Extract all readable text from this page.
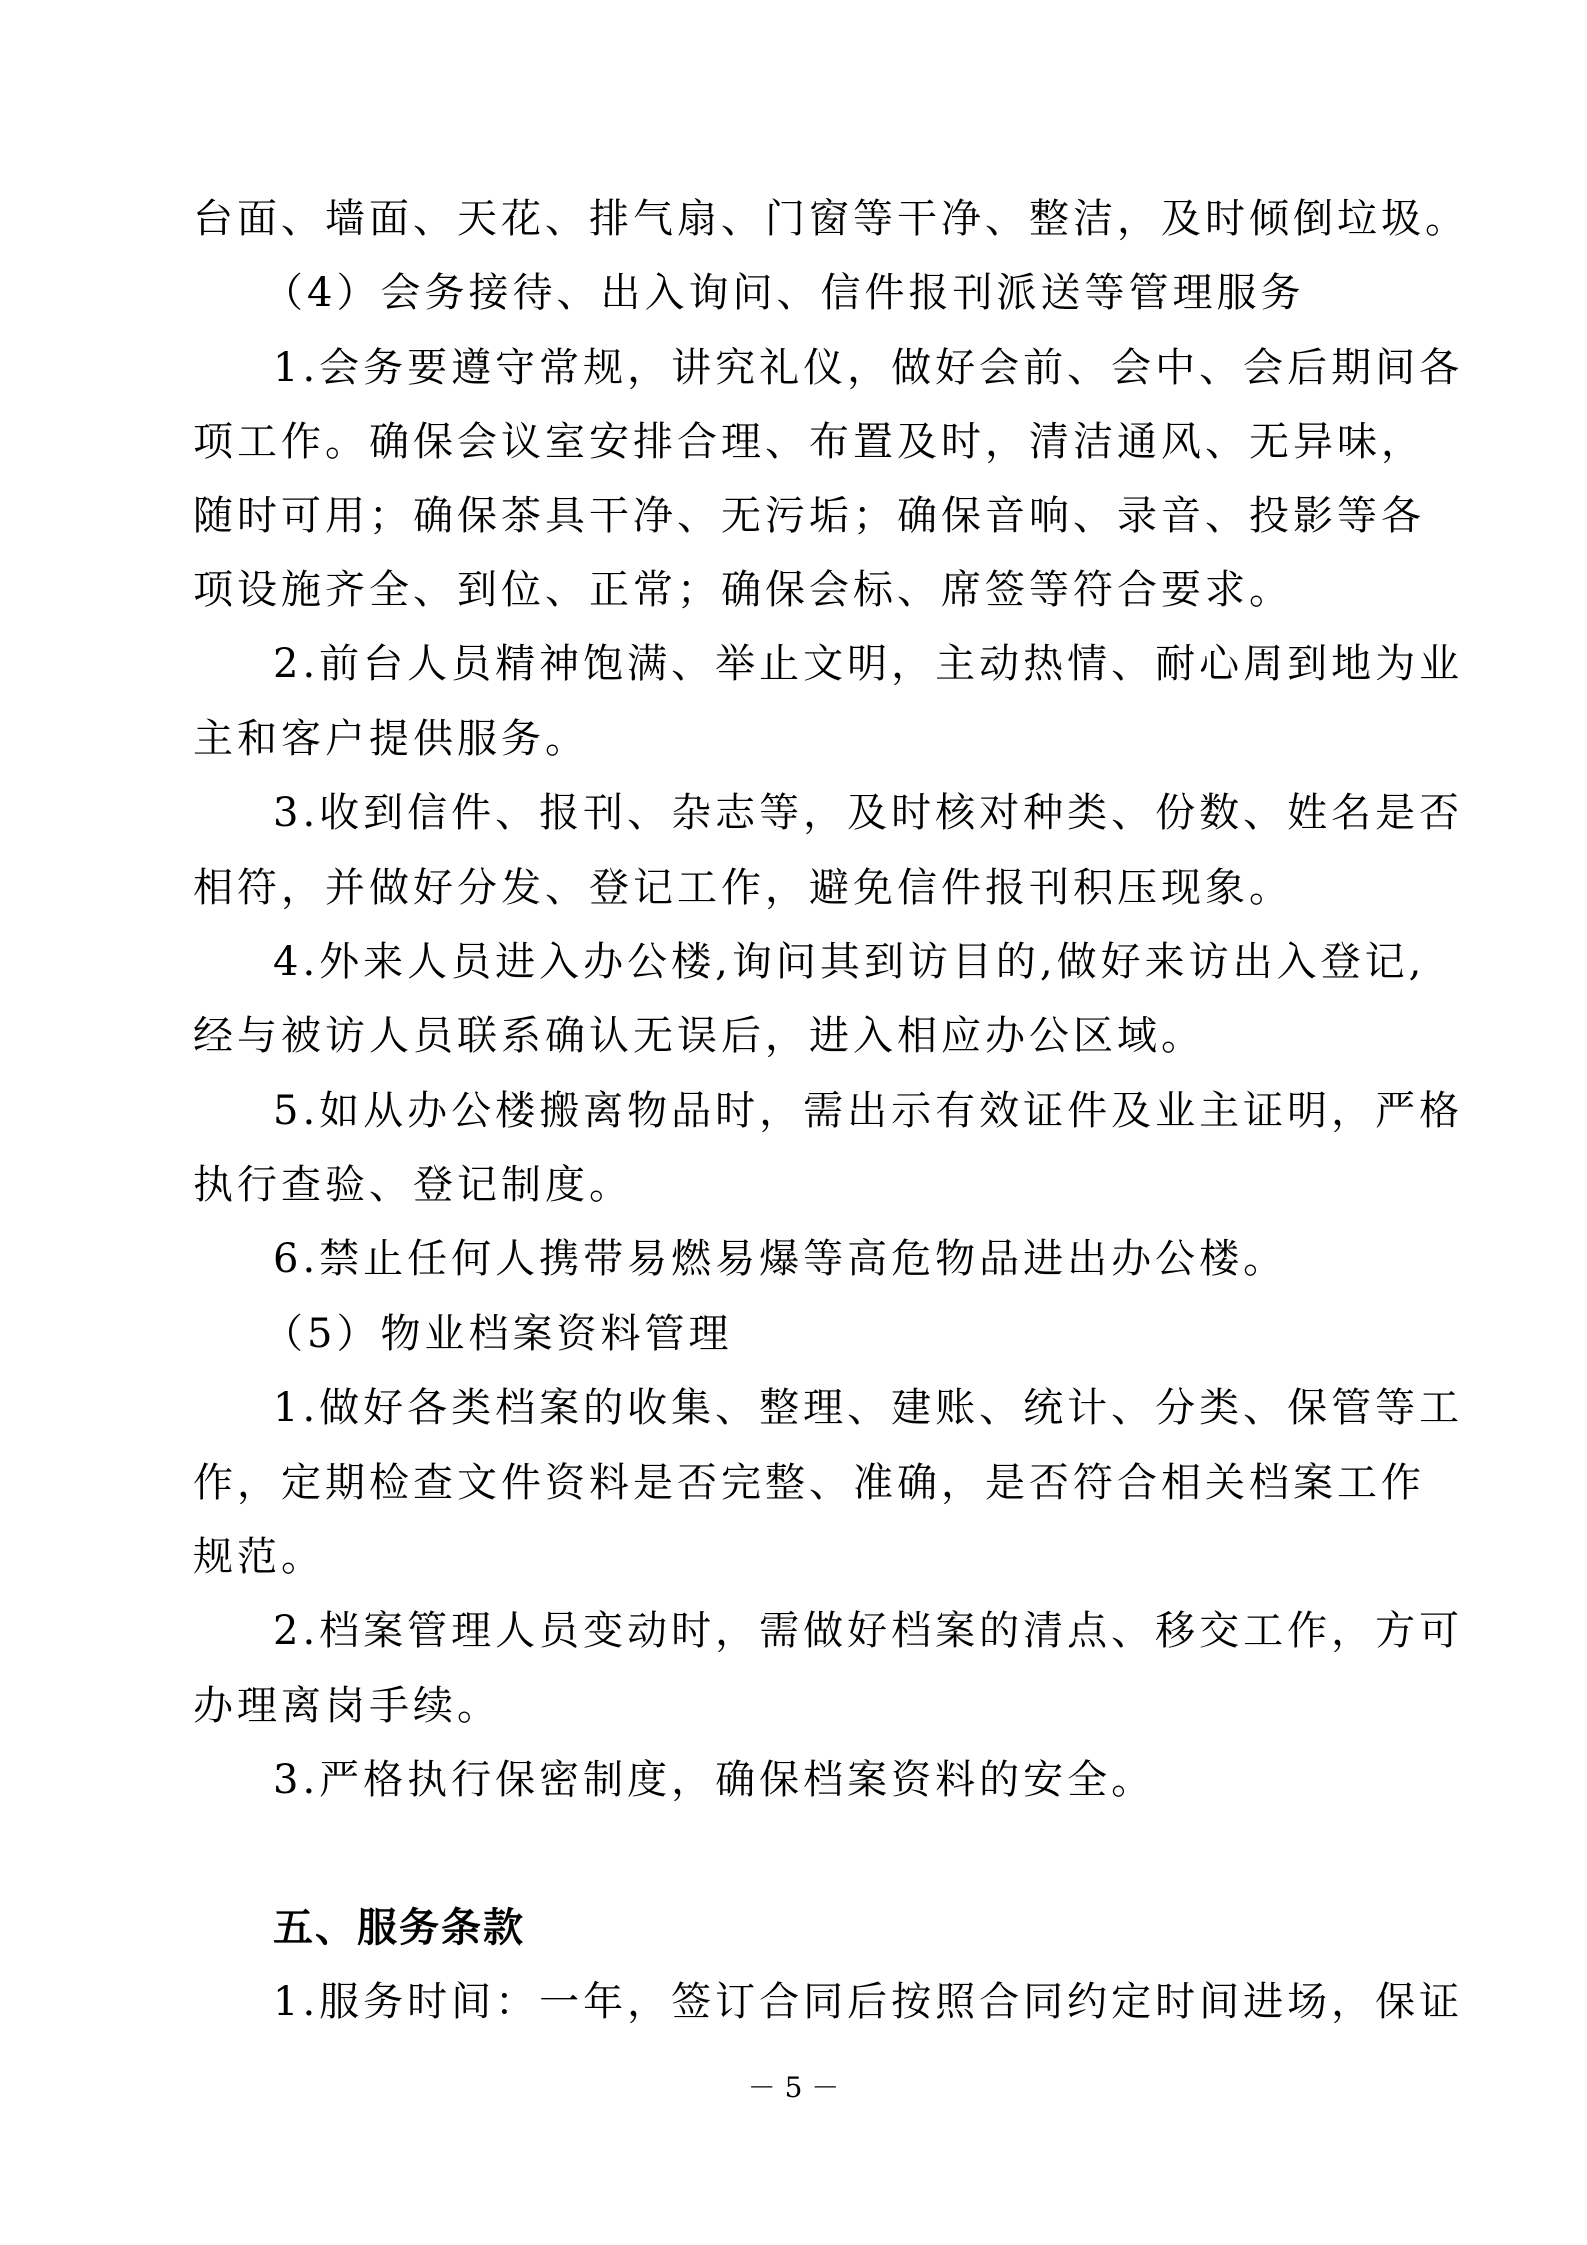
台面、墙面、天花、排气扇、门窗等干净、整洁，及时倾倒垃圾。
（4）会务接待、出入询问、信件报刊派送等管理服务
1.会务要遵守常规，讲究礼仪，做好会前、会中、会后期间各
项工作。确保会议室安排合理、布置及时，清洁通风、无异味，
随时可用；确保茶具干净、无污垢；确保音响、录音、投影等各
项设施齐全、到位、正常；确保会标、席签等符合要求。
2.前台人员精神饱满、举止文明，主动热情、耐心周到地为业
主和客户提供服务。
3.收到信件、报刊、杂志等，及时核对种类、份数、姓名是否
相符，并做好分发、登记工作，避免信件报刊积压现象。
4.外来人员进入办公楼,询问其到访目的,做好来访出入登记,
经与被访人员联系确认无误后，进入相应办公区域。
5.如从办公楼搬离物品时，需出示有效证件及业主证明，严格
执行查验、登记制度。
6.禁止任何人携带易燃易爆等高危物品进出办公楼。
（5）物业档案资料管理
1.做好各类档案的收集、整理、建账、统计、分类、保管等工
作，定期检查文件资料是否完整、准确，是否符合相关档案工作
规范。
2.档案管理人员变动时，需做好档案的清点、移交工作，方可
办理离岗手续。
3.严格执行保密制度，确保档案资料的安全。
五、服务条款
1.服务时间：一年，签订合同后按照合同约定时间进场，保证
－ 5 －
